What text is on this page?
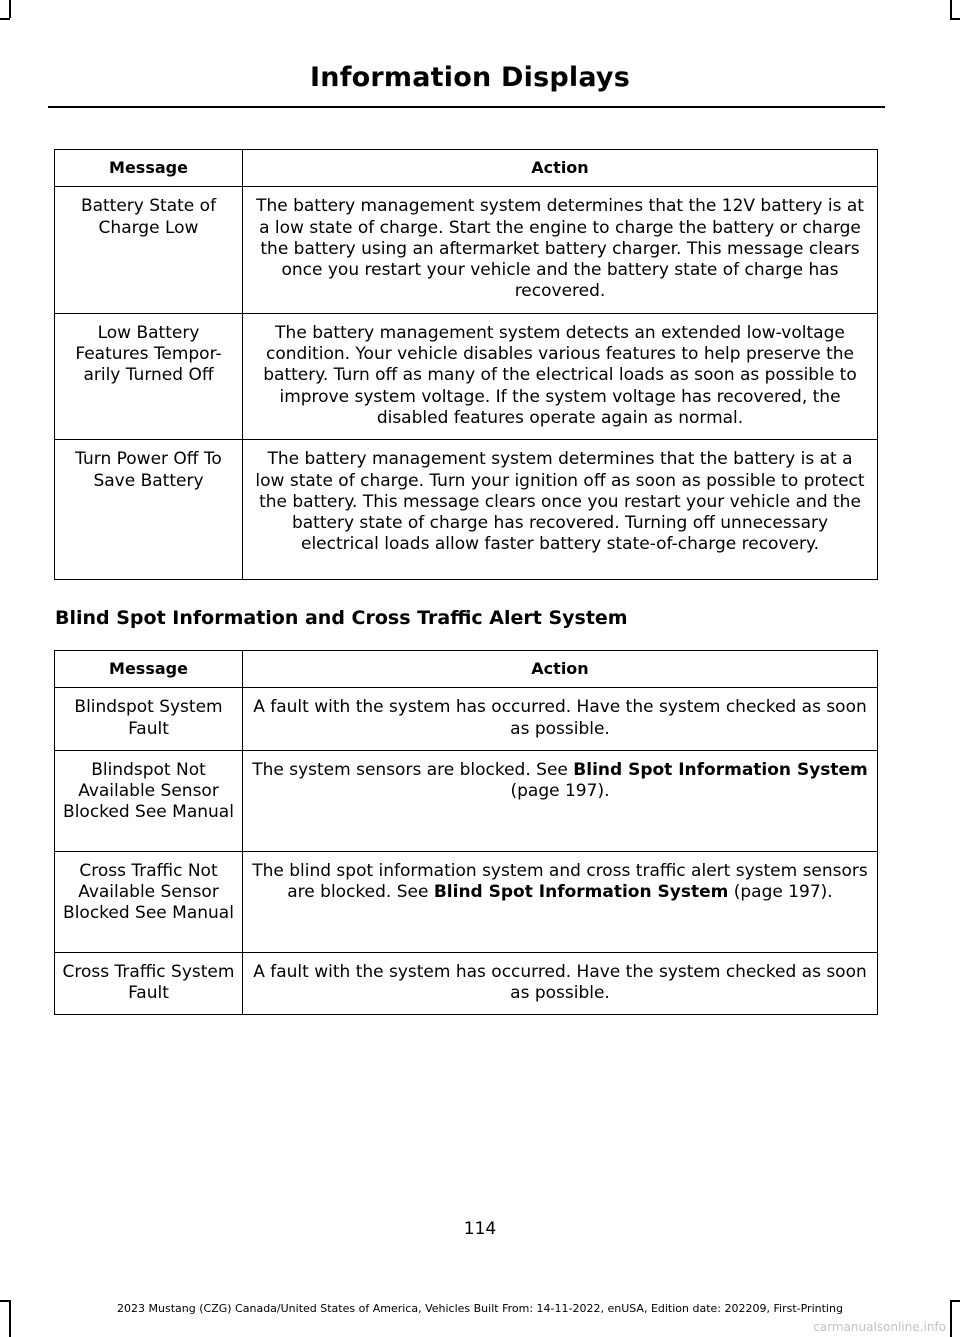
Information Displays
Message	Action
Battery State of Charge Low	The battery management system determines that the 12V battery is at a low state of charge. Start the engine to charge the battery or charge the battery using an aftermarket battery charger. This message clears once you restart your vehicle and the battery state of charge has recovered.
Low Battery Features Tempor-arily Turned Off	The battery management system detects an extended low-voltage condition. Your vehicle disables various features to help preserve the battery. Turn off as many of the electrical loads as soon as possible to improve system voltage. If the system voltage has recovered, the disabled features operate again as normal.
Turn Power Off To Save Battery	The battery management system determines that the battery is at a low state of charge. Turn your ignition off as soon as possible to protect the battery. This message clears once you restart your vehicle and the battery state of charge has recovered. Turning off unnecessary electrical loads allow faster battery state-of-charge recovery.
Blind Spot Information and Cross Traffic Alert System
Message	Action
Blindspot System Fault	A fault with the system has occurred. Have the system checked as soon as possible.
Blindspot Not Available Sensor Blocked See Manual	The system sensors are blocked. See Blind Spot Information System (page 197).
Cross Traffic Not Available Sensor Blocked See Manual	The blind spot information system and cross traffic alert system sensors are blocked. See Blind Spot Information System (page 197).
Cross Traffic System Fault	A fault with the system has occurred. Have the system checked as soon as possible.
114
2023 Mustang (CZG) Canada/United States of America, Vehicles Built From: 14-11-2022, enUSA, Edition date: 202209, First-Printing
carmanualsonline.info
